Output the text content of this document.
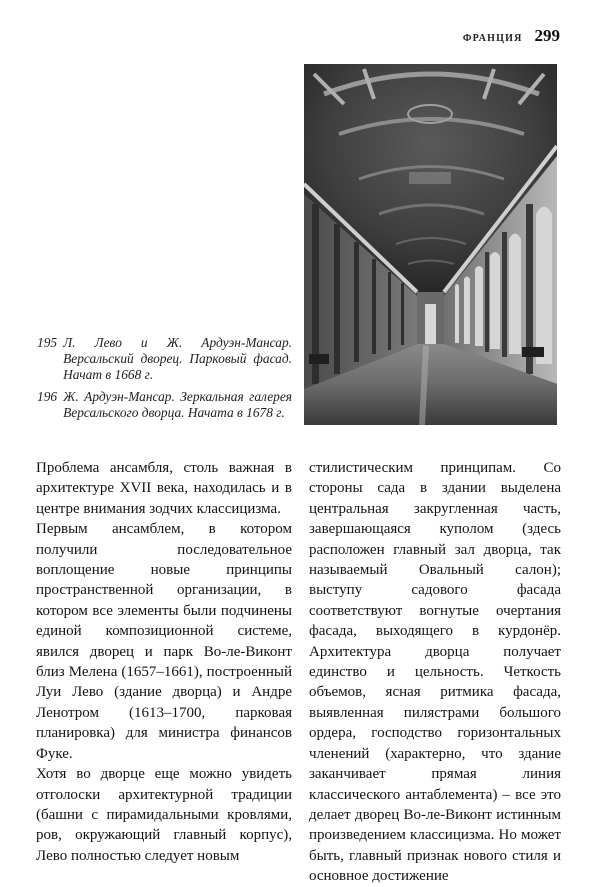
ФРАНЦИЯ 299
195 Л. Лево и Ж. Ардуэн-Мансар. Версальский дворец. Парковый фасад. Начат в 1668 г.
196 Ж. Ардуэн-Мансар. Зеркальная галерея Версальского дворца. Начата в 1678 г.

Проблема ансамбля, столь важная в архитектуре XVII века, находилась и в центре внимания зодчих классицизма.

Первым ансамблем, в котором получили последовательное воплощение новые принципы пространственной организации, в котором все элементы были подчинены единой композиционной системе, явился дворец и парк Во-ле-Виконт близ Мелена (1657–1661), построенный Луи Лево (здание дворца) и Андре Ленотром (1613–1700, парковая планировка) для министра финансов Фуке.

Хотя во дворце еще можно увидеть отголоски архитектурной традиции (башни с пирамидальными кровлями, ров, окружающий главный корпус), Лево полностью следует новым

стилистическим принципам. Со стороны сада в здании выделена центральная закругленная часть, завершающаяся куполом (здесь расположен главный зал дворца, так называемый Овальный салон); выступу садового фасада соответствуют вогнутые очертания фасада, выходящего в курдонёр. Архитектура дворца получает единство и цельность. Четкость объемов, ясная ритмика фасада, выявленная пилястрами большого ордера, господство горизонтальных членений (характерно, что здание заканчивает прямая линия классического антаблемента) – все это делает дворец Во-ле-Виконт истинным произведением классицизма. Но может быть, главный признак нового стиля и основное достижение
